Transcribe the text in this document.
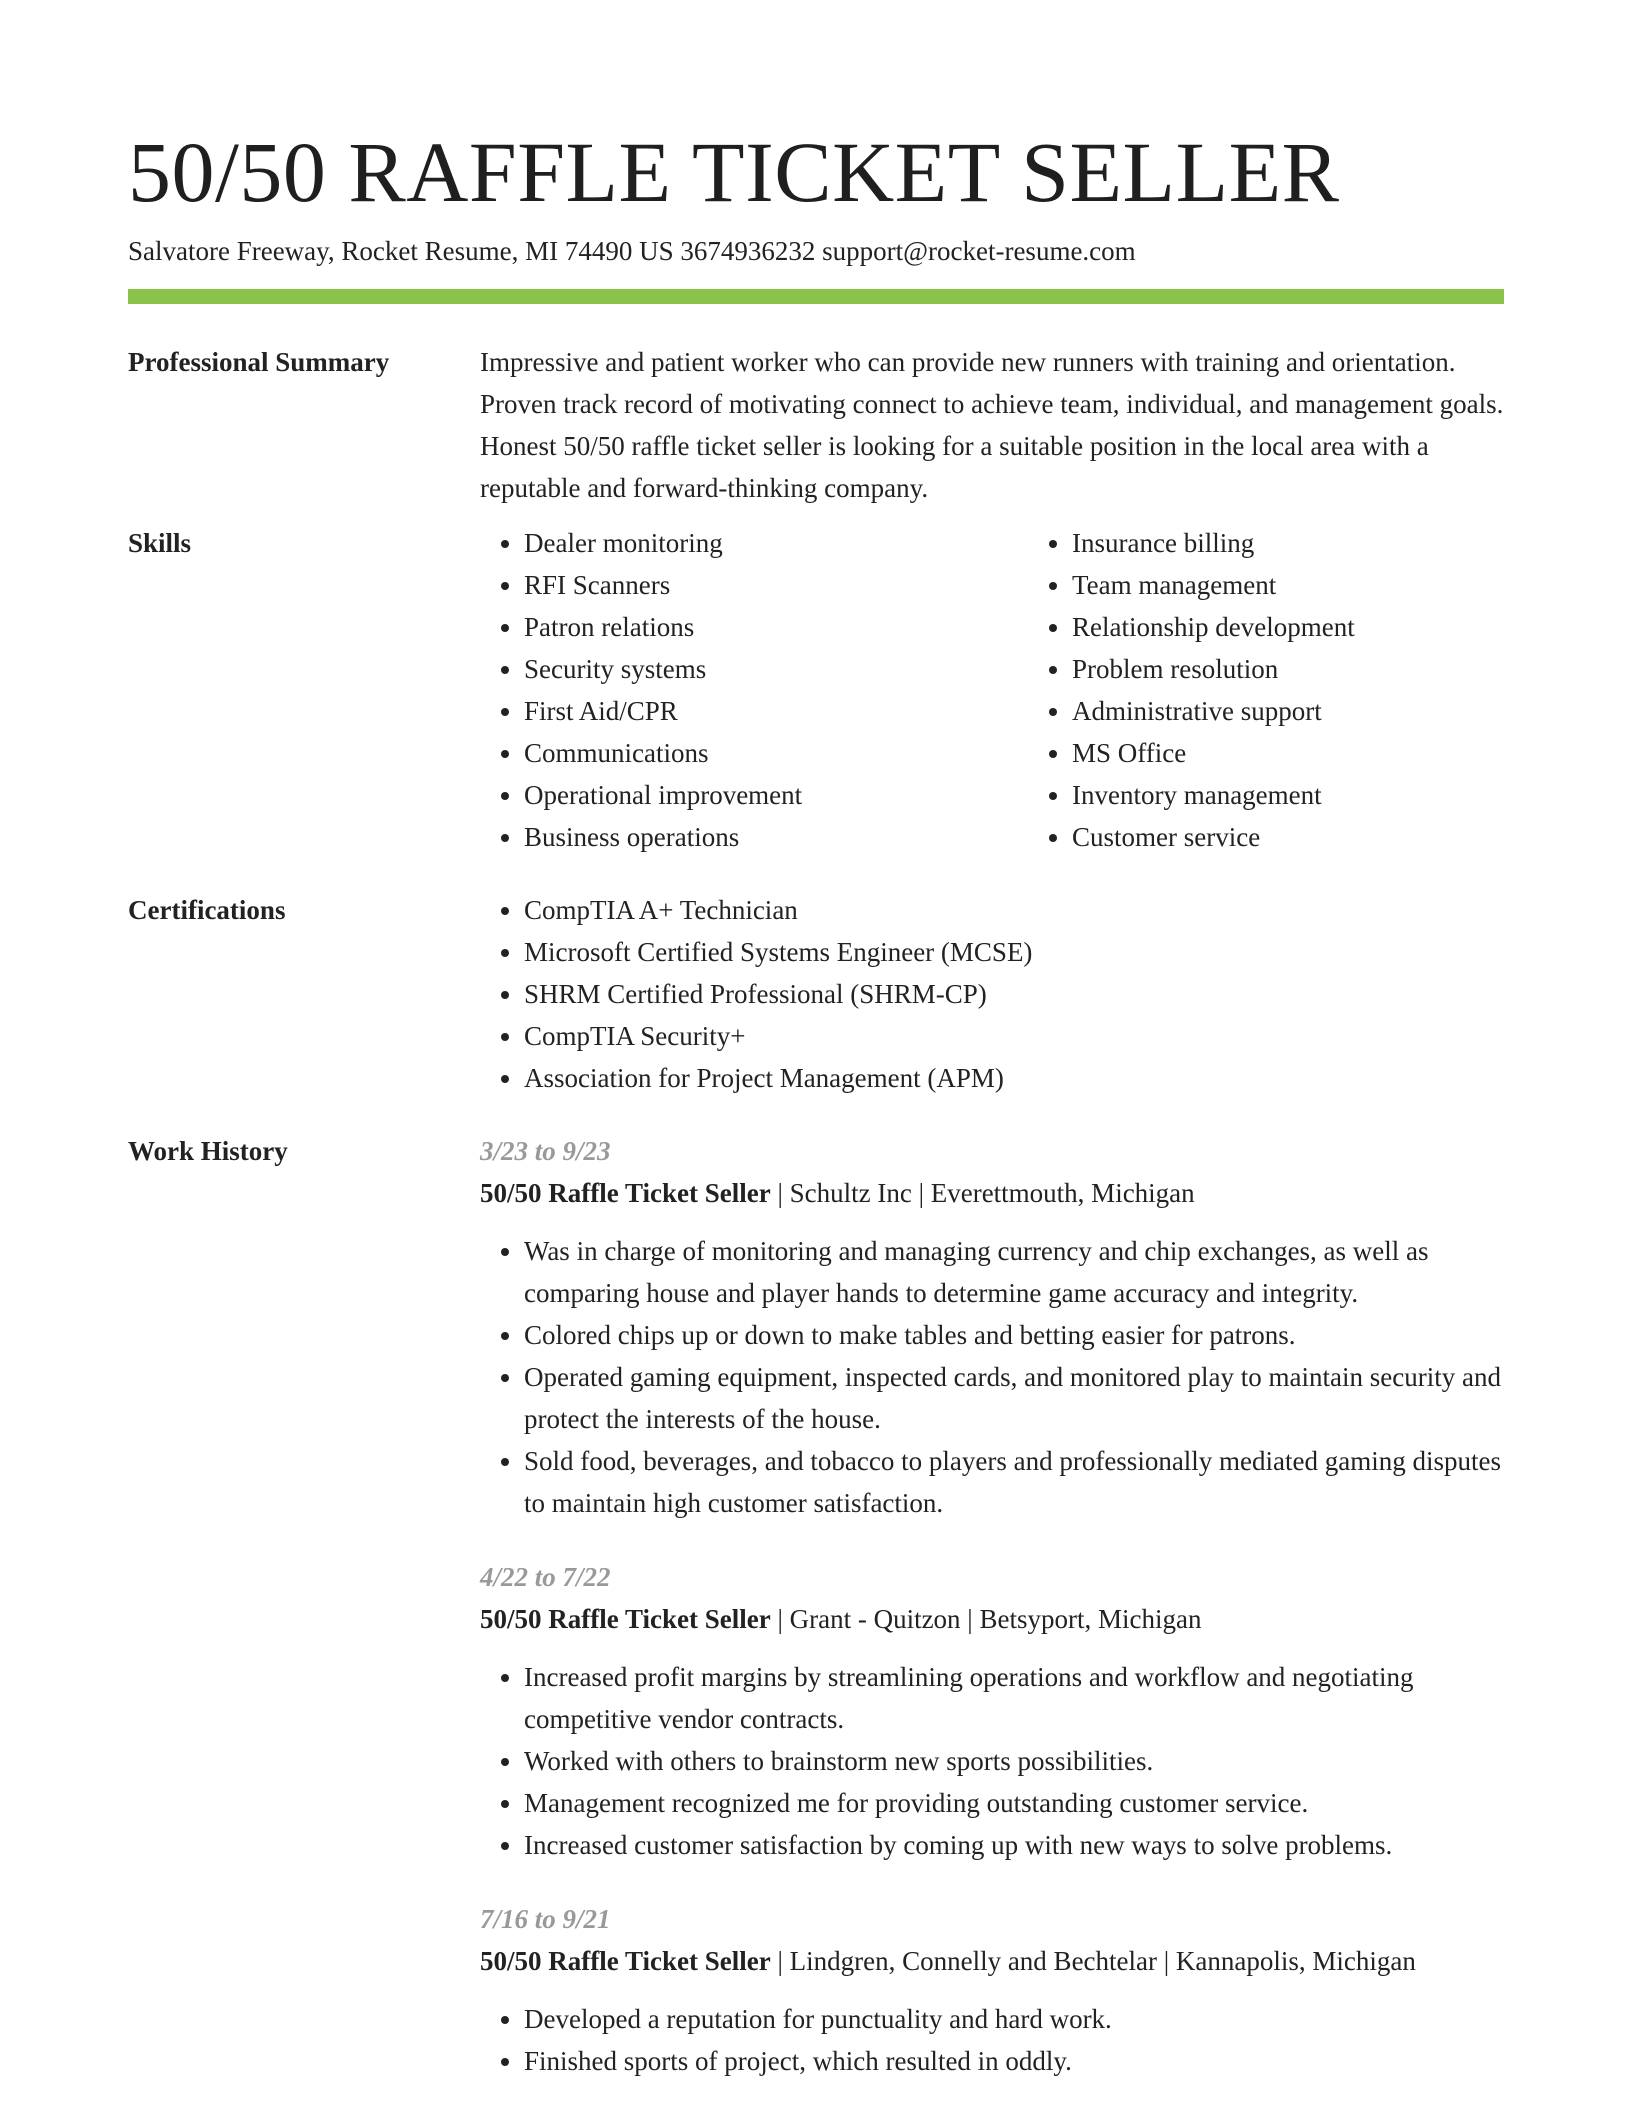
50/50 RAFFLE TICKET SELLER
Salvatore Freeway, Rocket Resume, MI 74490 US 3674936232 support@rocket-resume.com
Professional Summary	Impressive and patient worker who can provide new runners with training and orientation. Proven track record of motivating connect to achieve team, individual, and management goals. Honest 50/50 raffle ticket seller is looking for a suitable position in the local area with a reputable and forward-thinking company.

Skills	• Dealer monitoring
• RFI Scanners
• Patron relations
• Security systems
• First Aid/CPR
• Communications
• Operational improvement
• Business operations
• Insurance billing
• Team management
• Relationship development
• Problem resolution
• Administrative support
• MS Office
• Inventory management
• Customer service
Certifications	• CompTIA A+ Technician
• Microsoft Certified Systems Engineer (MCSE)
• SHRM Certified Professional (SHRM-CP)
• CompTIA Security+
• Association for Project Management (APM)
Work History	3/23 to 9/23
50/50 Raffle Ticket Seller | Schultz Inc | Everettmouth, Michigan
• Was in charge of monitoring and managing currency and chip exchanges, as well as comparing house and player hands to determine game accuracy and integrity.
• Colored chips up or down to make tables and betting easier for patrons.
• Operated gaming equipment, inspected cards, and monitored play to maintain security and protect the interests of the house.
• Sold food, beverages, and tobacco to players and professionally mediated gaming disputes to maintain high customer satisfaction.
4/22 to 7/22
50/50 Raffle Ticket Seller | Grant - Quitzon | Betsyport, Michigan
• Increased profit margins by streamlining operations and workflow and negotiating competitive vendor contracts.
• Worked with others to brainstorm new sports possibilities.
• Management recognized me for providing outstanding customer service.
• Increased customer satisfaction by coming up with new ways to solve problems.
7/16 to 9/21
50/50 Raffle Ticket Seller | Lindgren, Connelly and Bechtelar | Kannapolis, Michigan
• Developed a reputation for punctuality and hard work.
• Finished sports of project, which resulted in oddly.
